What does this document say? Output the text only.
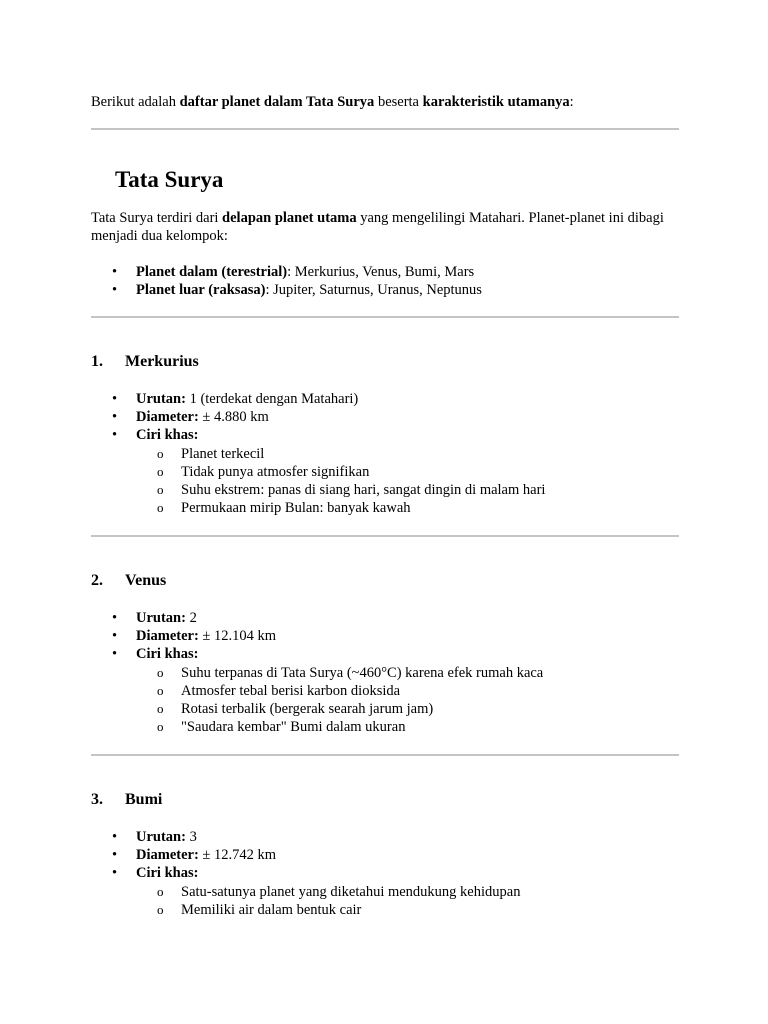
Berikut adalah daftar planet dalam Tata Surya beserta karakteristik utamanya:

Tata Surya

Tata Surya terdiri dari delapan planet utama yang mengelilingi Matahari. Planet-planet ini dibagi menjadi dua kelompok:

• Planet dalam (terestrial): Merkurius, Venus, Bumi, Mars
• Planet luar (raksasa): Jupiter, Saturnus, Uranus, Neptunus
1. Merkurius
• Urutan: 1 (terdekat dengan Matahari)
• Diameter: ± 4.880 km
• Ciri khas:
o Planet terkecil
o Tidak punya atmosfer signifikan
o Suhu ekstrem: panas di siang hari, sangat dingin di malam hari
o Permukaan mirip Bulan: banyak kawah
2. Venus
• Urutan: 2
• Diameter: ± 12.104 km
• Ciri khas:
o Suhu terpanas di Tata Surya (~460°C) karena efek rumah kaca
o Atmosfer tebal berisi karbon dioksida
o Rotasi terbalik (bergerak searah jarum jam)
o "Saudara kembar" Bumi dalam ukuran
3. Bumi
• Urutan: 3
• Diameter: ± 12.742 km
• Ciri khas:
o Satu-satunya planet yang diketahui mendukung kehidupan
o Memiliki air dalam bentuk cair
